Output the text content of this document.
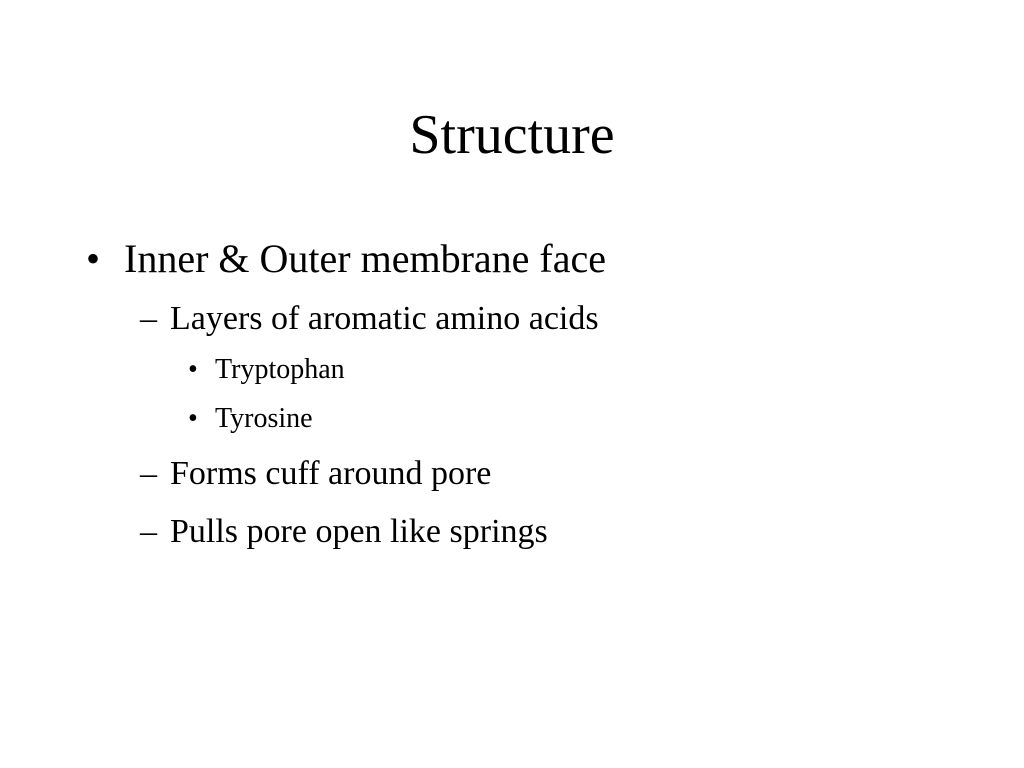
Structure
• Inner & Outer membrane face

– Layers of aromatic amino acids

• Tryptophan

• Tyrosine

– Forms cuff around pore

– Pulls pore open like springs
